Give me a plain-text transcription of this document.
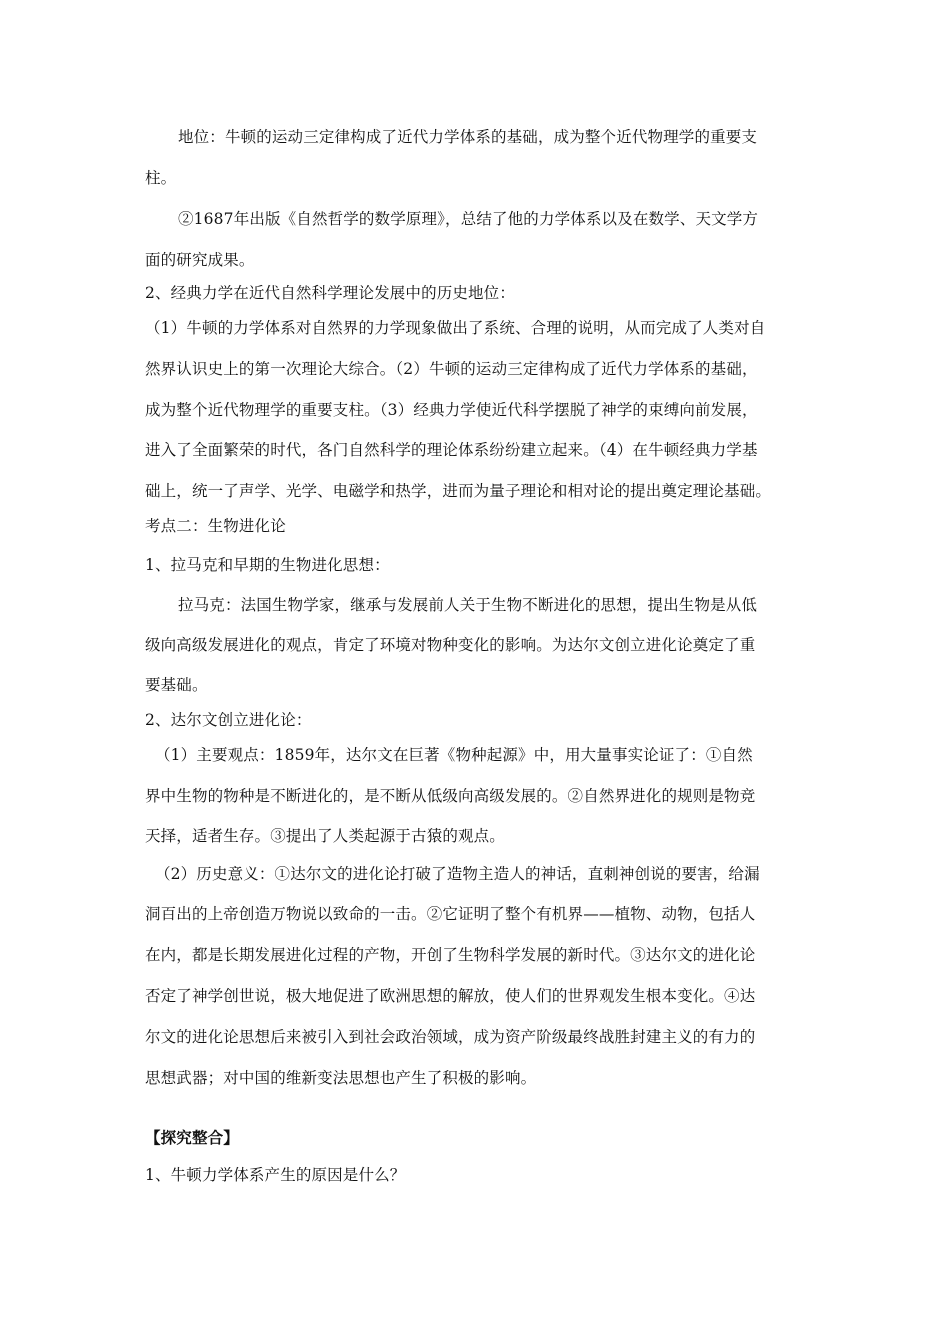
地位：牛顿的运动三定律构成了近代力学体系的基础，成为整个近代物理学的重要支
柱。
②1687年出版《自然哲学的数学原理》，总结了他的力学体系以及在数学、天文学方
面的研究成果。
2、经典力学在近代自然科学理论发展中的历史地位：
（1）牛顿的力学体系对自然界的力学现象做出了系统、合理的说明，从而完成了人类对自
然界认识史上的第一次理论大综合。（2）牛顿的运动三定律构成了近代力学体系的基础，
成为整个近代物理学的重要支柱。（3）经典力学使近代科学摆脱了神学的束缚向前发展，
进入了全面繁荣的时代，各门自然科学的理论体系纷纷建立起来。（4）在牛顿经典力学基
础上，统一了声学、光学、电磁学和热学，进而为量子理论和相对论的提出奠定理论基础。
考点二：生物进化论
1、拉马克和早期的生物进化思想：
拉马克：法国生物学家，继承与发展前人关于生物不断进化的思想，提出生物是从低
级向高级发展进化的观点，肯定了环境对物种变化的影响。为达尔文创立进化论奠定了重
要基础。
2、达尔文创立进化论：
（1）主要观点：1859年，达尔文在巨著《物种起源》中，用大量事实论证了：①自然
界中生物的物种是不断进化的，是不断从低级向高级发展的。②自然界进化的规则是物竞
天择，适者生存。③提出了人类起源于古猿的观点。
（2）历史意义：①达尔文的进化论打破了造物主造人的神话，直刺神创说的要害，给漏
洞百出的上帝创造万物说以致命的一击。②它证明了整个有机界——植物、动物，包括人
在内，都是长期发展进化过程的产物，开创了生物科学发展的新时代。③达尔文的进化论
否定了神学创世说，极大地促进了欧洲思想的解放，使人们的世界观发生根本变化。④达
尔文的进化论思想后来被引入到社会政治领域，成为资产阶级最终战胜封建主义的有力的
思想武器；对中国的维新变法思想也产生了积极的影响。
【探究整合】
1、牛顿力学体系产生的原因是什么？
